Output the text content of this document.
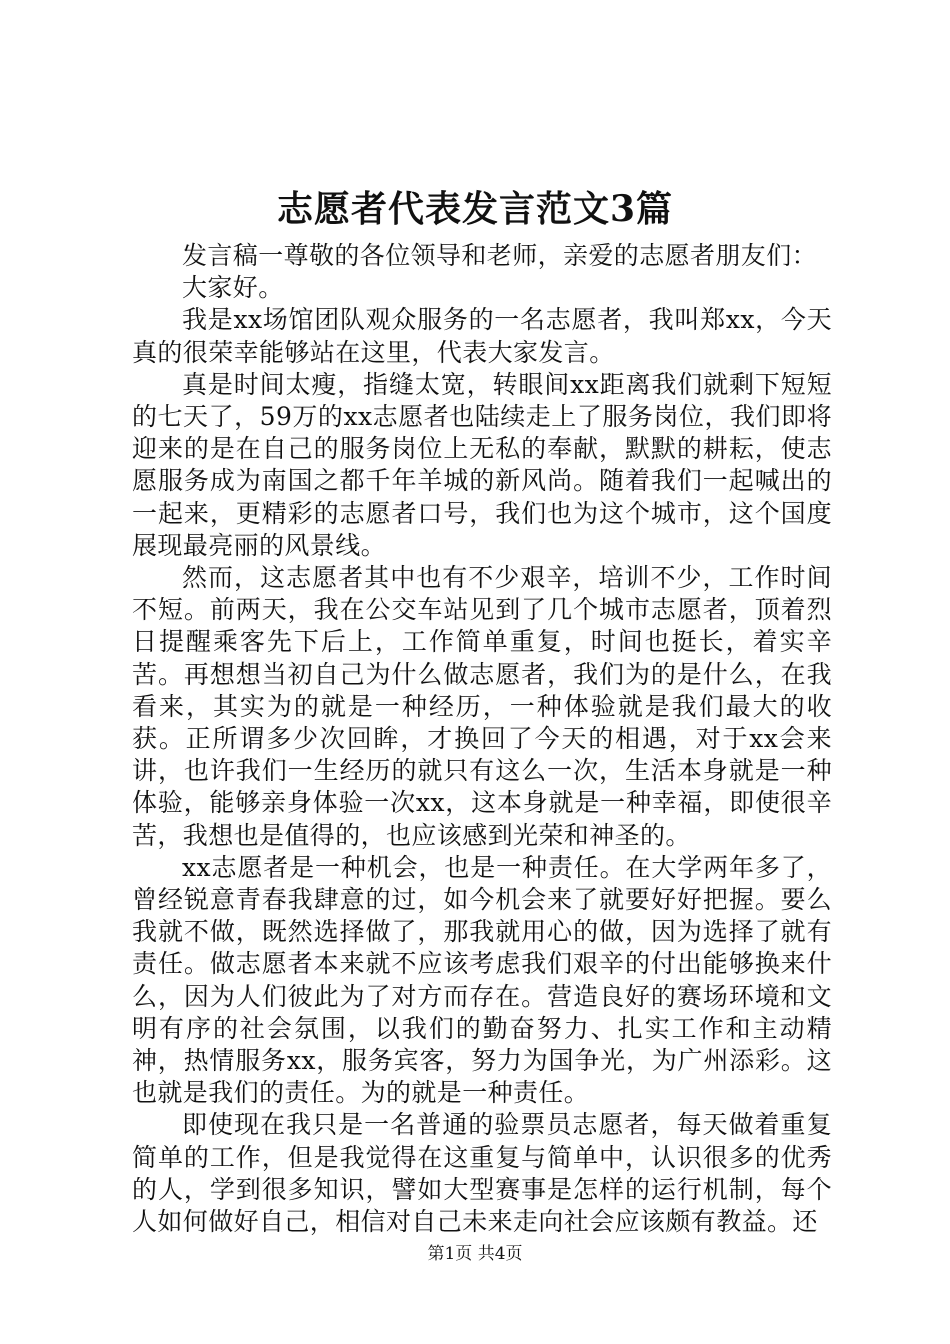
志愿者代表发言范文3篇

发言稿一尊敬的各位领导和老师，亲爱的志愿者朋友们：

大家好。

我是xx场馆团队观众服务的一名志愿者，我叫郑xx，今天真的很荣幸能够站在这里，代表大家发言。

真是时间太瘦，指缝太宽，转眼间xx距离我们就剩下短短的七天了，59万的xx志愿者也陆续走上了服务岗位，我们即将迎来的是在自己的服务岗位上无私的奉献，默默的耕耘，使志愿服务成为南国之都千年羊城的新风尚。随着我们一起喊出的一起来，更精彩的志愿者口号，我们也为这个城市，这个国度展现最亮丽的风景线。

然而，这志愿者其中也有不少艰辛，培训不少，工作时间不短。前两天，我在公交车站见到了几个城市志愿者，顶着烈日提醒乘客先下后上，工作简单重复，时间也挺长，着实辛苦。再想想当初自己为什么做志愿者，我们为的是什么，在我看来，其实为的就是一种经历，一种体验就是我们最大的收获。正所谓多少次回眸，才换回了今天的相遇，对于xx会来讲，也许我们一生经历的就只有这么一次，生活本身就是一种体验，能够亲身体验一次xx，这本身就是一种幸福，即使很辛苦，我想也是值得的，也应该感到光荣和神圣的。

xx志愿者是一种机会，也是一种责任。在大学两年多了，曾经锐意青春我肆意的过，如今机会来了就要好好把握。要么我就不做，既然选择做了，那我就用心的做，因为选择了就有责任。做志愿者本来就不应该考虑我们艰辛的付出能够换来什么，因为人们彼此为了对方而存在。营造良好的赛场环境和文明有序的社会氛围，以我们的勤奋努力、扎实工作和主动精神，热情服务xx，服务宾客，努力为国争光，为广州添彩。这也就是我们的责任。为的就是一种责任。

即使现在我只是一名普通的验票员志愿者，每天做着重复简单的工作，但是我觉得在这重复与简单中，认识很多的优秀的人，学到很多知识，譬如大型赛事是怎样的运行机制，每个人如何做好自己，相信对自己未来走向社会应该颇有教益。还

第1页 共4页
